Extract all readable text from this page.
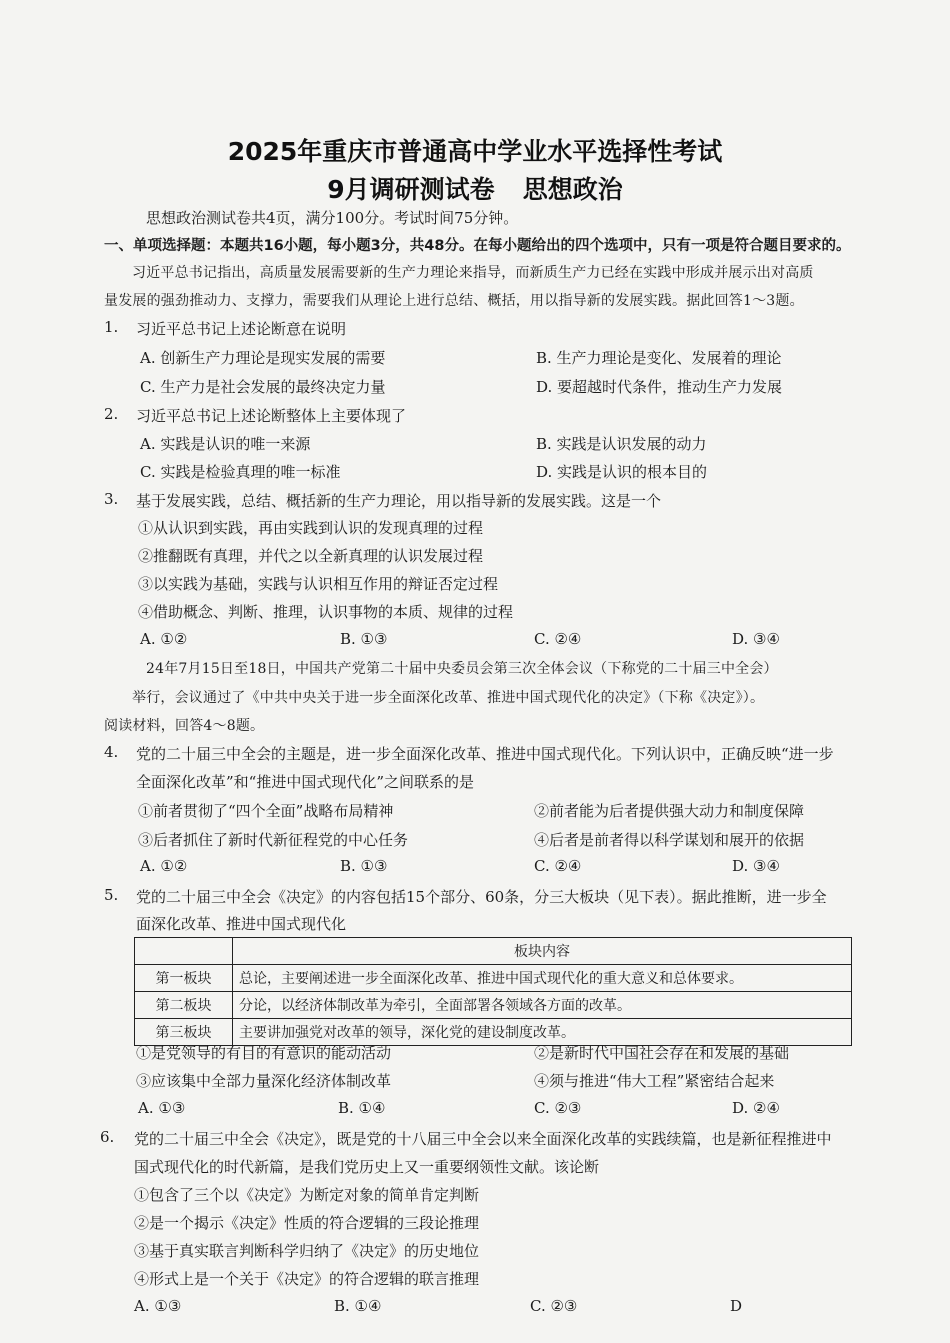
2025年重庆市普通高中学业水平选择性考试
9月调研测试卷 思想政治
思想政治测试卷共4页，满分100分。考试时间75分钟。
一、单项选择题：本题共16小题，每小题3分，共48分。在每小题给出的四个选项中，只有一项是符合题目要求的。
习近平总书记指出，高质量发展需要新的生产力理论来指导，而新质生产力已经在实践中形成并展示出对高质
量发展的强劲推动力、支撑力，需要我们从理论上进行总结、概括，用以指导新的发展实践。据此回答1～3题。
1. 习近平总书记上述论断意在说明
A. 创新生产力理论是现实发展的需要	B. 生产力理论是变化、发展着的理论
C. 生产力是社会发展的最终决定力量	D. 要超越时代条件，推动生产力发展
2. 习近平总书记上述论断整体上主要体现了
A. 实践是认识的唯一来源	B. 实践是认识发展的动力
C. 实践是检验真理的唯一标准	D. 实践是认识的根本目的
3. 基于发展实践，总结、概括新的生产力理论，用以指导新的发展实践。这是一个
①从认识到实践，再由实践到认识的发现真理的过程
②推翻既有真理，并代之以全新真理的认识发展过程
③以实践为基础，实践与认识相互作用的辩证否定过程
④借助概念、判断、推理，认识事物的本质、规律的过程
A. ①②	B. ①③	C. ②④	D. ③④
24年7月15日至18日，中国共产党第二十届中央委员会第三次全体会议（下称党的二十届三中全会）
举行，会议通过了《中共中央关于进一步全面深化改革、推进中国式现代化的决定》（下称《决定》）。
阅读材料，回答4～8题。
4. 党的二十届三中全会的主题是，进一步全面深化改革、推进中国式现代化。下列认识中，正确反映“进一步
全面深化改革”和“推进中国式现代化”之间联系的是
①前者贯彻了“四个全面”战略布局精神	②前者能为后者提供强大动力和制度保障
③后者抓住了新时代新征程党的中心任务	④后者是前者得以科学谋划和展开的依据
A. ①②	B. ①③	C. ②④	D. ③④
5. 党的二十届三中全会《决定》的内容包括15个部分、60条，分三大板块（见下表）。据此推断，进一步全
面深化改革、推进中国式现代化
	板块内容
第一板块	总论，主要阐述进一步全面深化改革、推进中国式现代化的重大意义和总体要求。
第二板块	分论，以经济体制改革为牵引，全面部署各领域各方面的改革。
第三板块	主要讲加强党对改革的领导，深化党的建设制度改革。
①是党领导的有目的有意识的能动活动	②是新时代中国社会存在和发展的基础
③应该集中全部力量深化经济体制改革	④须与推进“伟大工程”紧密结合起来
A. ①③	B. ①④	C. ②③	D. ②④
6. 党的二十届三中全会《决定》，既是党的十八届三中全会以来全面深化改革的实践续篇，也是新征程推进中
国式现代化的时代新篇，是我们党历史上又一重要纲领性文献。该论断
①包含了三个以《决定》为断定对象的简单肯定判断
②是一个揭示《决定》性质的符合逻辑的三段论推理
③基于真实联言判断科学归纳了《决定》的历史地位
④形式上是一个关于《决定》的符合逻辑的联言推理
A. ①③	B. ①④	C. ②③	D
